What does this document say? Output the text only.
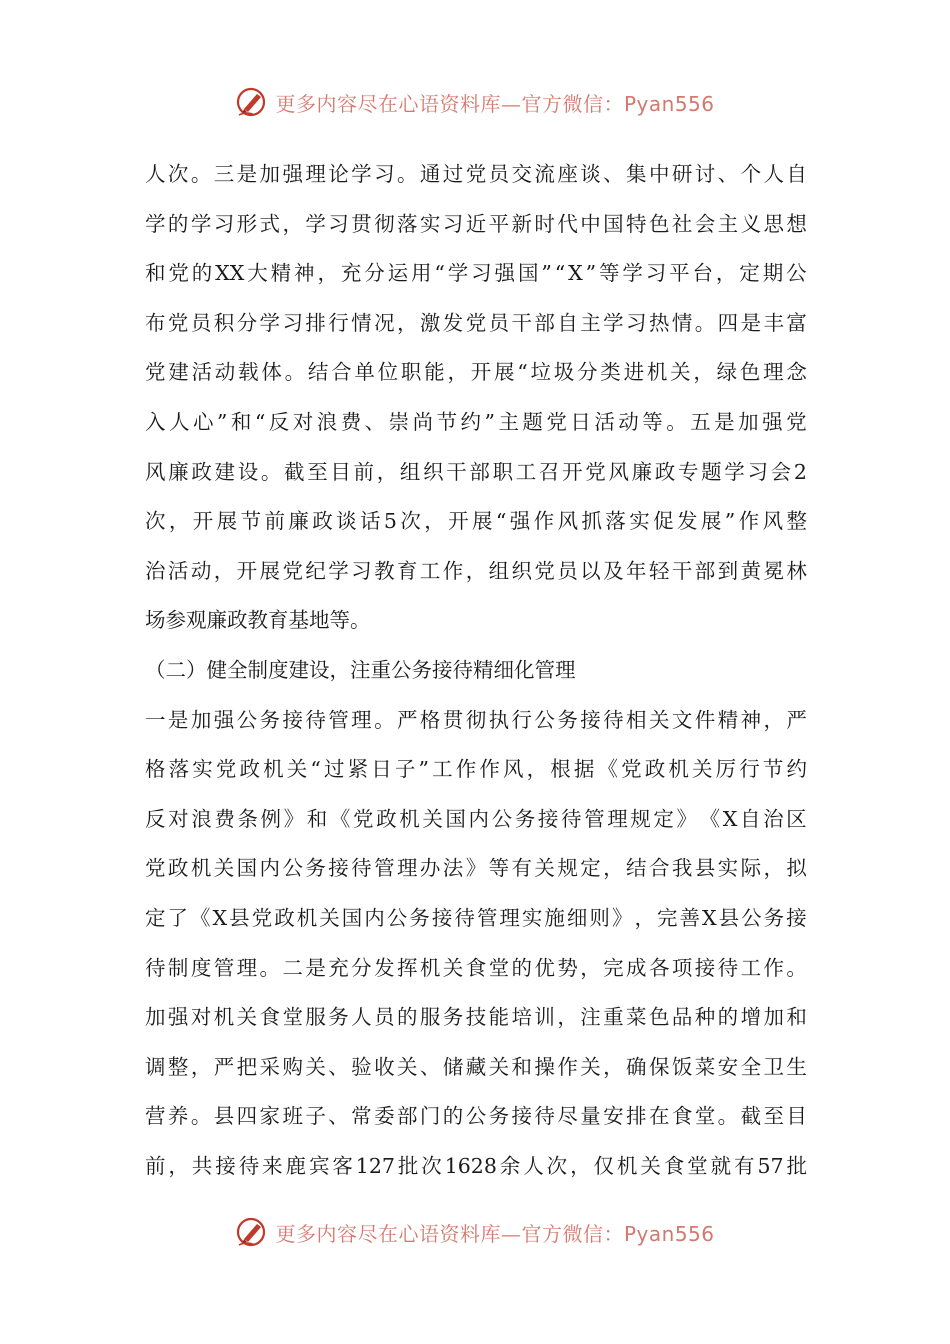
更多内容尽在心语资料库—官方微信：Pyan556
人 次 。 三 是 加 强 理 论 学 习 。 通 过 党 员 交 流 座 谈 、 集 中 研 讨 、 个 人 自
学 的 学 习 形 式 ， 学 习 贯 彻 落 实 习 近 平 新 时 代 中 国 特 色 社 会 主 义 思 想
和 党 的 XX 大 精 神 ， 充 分 运 用 “ 学 习 强 国 ” “ X ” 等 学 习 平 台 ， 定 期 公
布 党 员 积 分 学 习 排 行 情 况 ， 激 发 党 员 干 部 自 主 学 习 热 情 。 四 是 丰 富
党 建 活 动 载 体 。 结 合 单 位 职 能 ， 开 展 “ 垃 圾 分 类 进 机 关 ， 绿 色 理 念
入 人 心 ” 和 “ 反 对 浪 费 、 崇 尚 节 约 ” 主 题 党 日 活 动 等 。 五 是 加 强 党
风 廉 政 建 设 。 截 至 目 前 ， 组 织 干 部 职 工 召 开 党 风 廉 政 专 题 学 习 会 2
次 ， 开 展 节 前 廉 政 谈 话 5 次 ， 开 展 “ 强 作 风 抓 落 实 促 发 展 ” 作 风 整
治 活 动 ， 开 展 党 纪 学 习 教 育 工 作 ， 组 织 党 员 以 及 年 轻 干 部 到 黄 冕 林
场参观廉政教育基地等。
（二）健全制度建设，注重公务接待精细化管理
一 是 加 强 公 务 接 待 管 理 。 严 格 贯 彻 执 行 公 务 接 待 相 关 文 件 精 神 ， 严
格 落 实 党 政 机 关 “ 过 紧 日 子 ” 工 作 作 风 ， 根 据 《 党 政 机 关 厉 行 节 约
反 对 浪 费 条 例 》 和 《 党 政 机 关 国 内 公 务 接 待 管 理 规 定 》 《 X 自 治 区
党 政 机 关 国 内 公 务 接 待 管 理 办 法 》 等 有 关 规 定 ， 结 合 我 县 实 际 ， 拟
定 了 《 X 县 党 政 机 关 国 内 公 务 接 待 管 理 实 施 细 则 》 ， 完 善 X 县 公 务 接
待 制 度 管 理 。 二 是 充 分 发 挥 机 关 食 堂 的 优 势 ， 完 成 各 项 接 待 工 作 。
加 强 对 机 关 食 堂 服 务 人 员 的 服 务 技 能 培 训 ， 注 重 菜 色 品 种 的 增 加 和
调 整 ， 严 把 采 购 关 、 验 收 关 、 储 藏 关 和 操 作 关 ， 确 保 饭 菜 安 全 卫 生
营 养 。 县 四 家 班 子 、 常 委 部 门 的 公 务 接 待 尽 量 安 排 在 食 堂 。 截 至 目
前 ， 共 接 待 来 鹿 宾 客 127 批 次 1628 余 人 次 ， 仅 机 关 食 堂 就 有 57 批
更多内容尽在心语资料库—官方微信：Pyan556
